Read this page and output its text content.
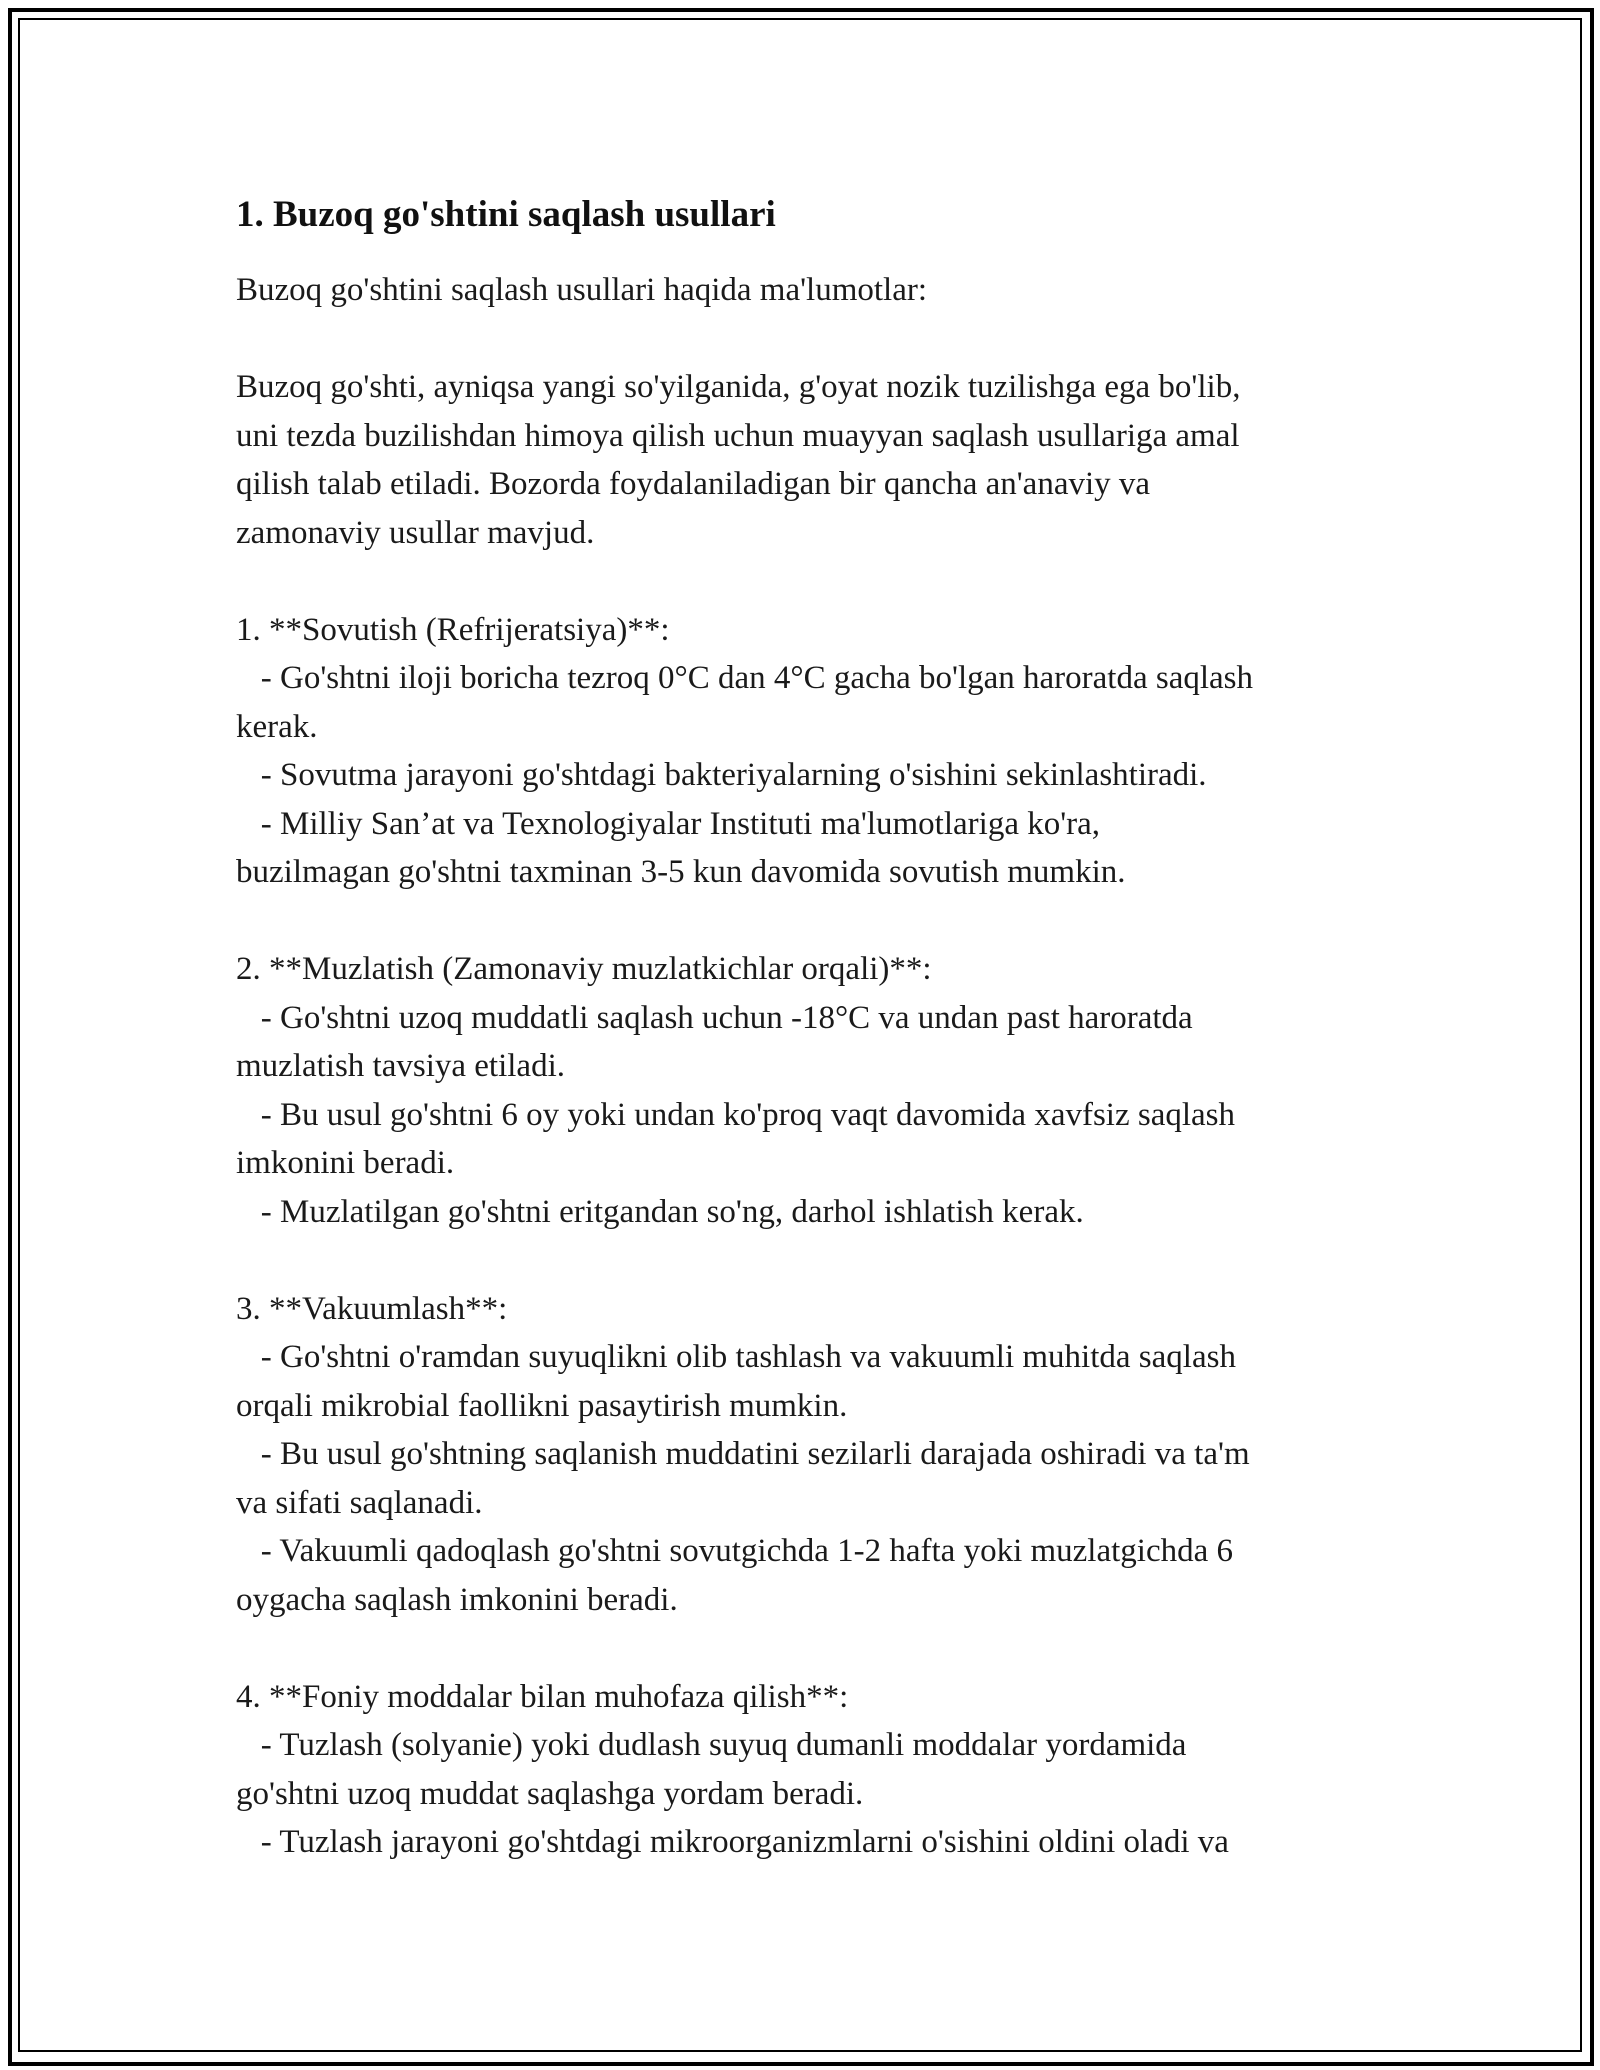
1. Buzoq go'shtini saqlash usullari
Buzoq go'shtini saqlash usullari haqida ma'lumotlar:

Buzoq go'shti, ayniqsa yangi so'yilganida, g'oyat nozik tuzilishga ega bo'lib,
uni tezda buzilishdan himoya qilish uchun muayyan saqlash usullariga amal
qilish talab etiladi. Bozorda foydalaniladigan bir qancha an'anaviy va
zamonaviy usullar mavjud.

1. **Sovutish (Refrijeratsiya)**:
- Go'shtni iloji boricha tezroq 0°C dan 4°C gacha bo'lgan haroratda saqlash
kerak.
- Sovutma jarayoni go'shtdagi bakteriyalarning o'sishini sekinlashtiradi.
- Milliy San’at va Texnologiyalar Instituti ma'lumotlariga ko'ra,
buzilmagan go'shtni taxminan 3-5 kun davomida sovutish mumkin.

2. **Muzlatish (Zamonaviy muzlatkichlar orqali)**:
- Go'shtni uzoq muddatli saqlash uchun -18°C va undan past haroratda
muzlatish tavsiya etiladi.
- Bu usul go'shtni 6 oy yoki undan ko'proq vaqt davomida xavfsiz saqlash
imkonini beradi.
- Muzlatilgan go'shtni eritgandan so'ng, darhol ishlatish kerak.

3. **Vakuumlash**:
- Go'shtni o'ramdan suyuqlikni olib tashlash va vakuumli muhitda saqlash
orqali mikrobial faollikni pasaytirish mumkin.
- Bu usul go'shtning saqlanish muddatini sezilarli darajada oshiradi va ta'm
va sifati saqlanadi.
- Vakuumli qadoqlash go'shtni sovutgichda 1-2 hafta yoki muzlatgichda 6
oygacha saqlash imkonini beradi.

4. **Foniy moddalar bilan muhofaza qilish**:
- Tuzlash (solyanie) yoki dudlash suyuq dumanli moddalar yordamida
go'shtni uzoq muddat saqlashga yordam beradi.
- Tuzlash jarayoni go'shtdagi mikroorganizmlarni o'sishini oldini oladi va
